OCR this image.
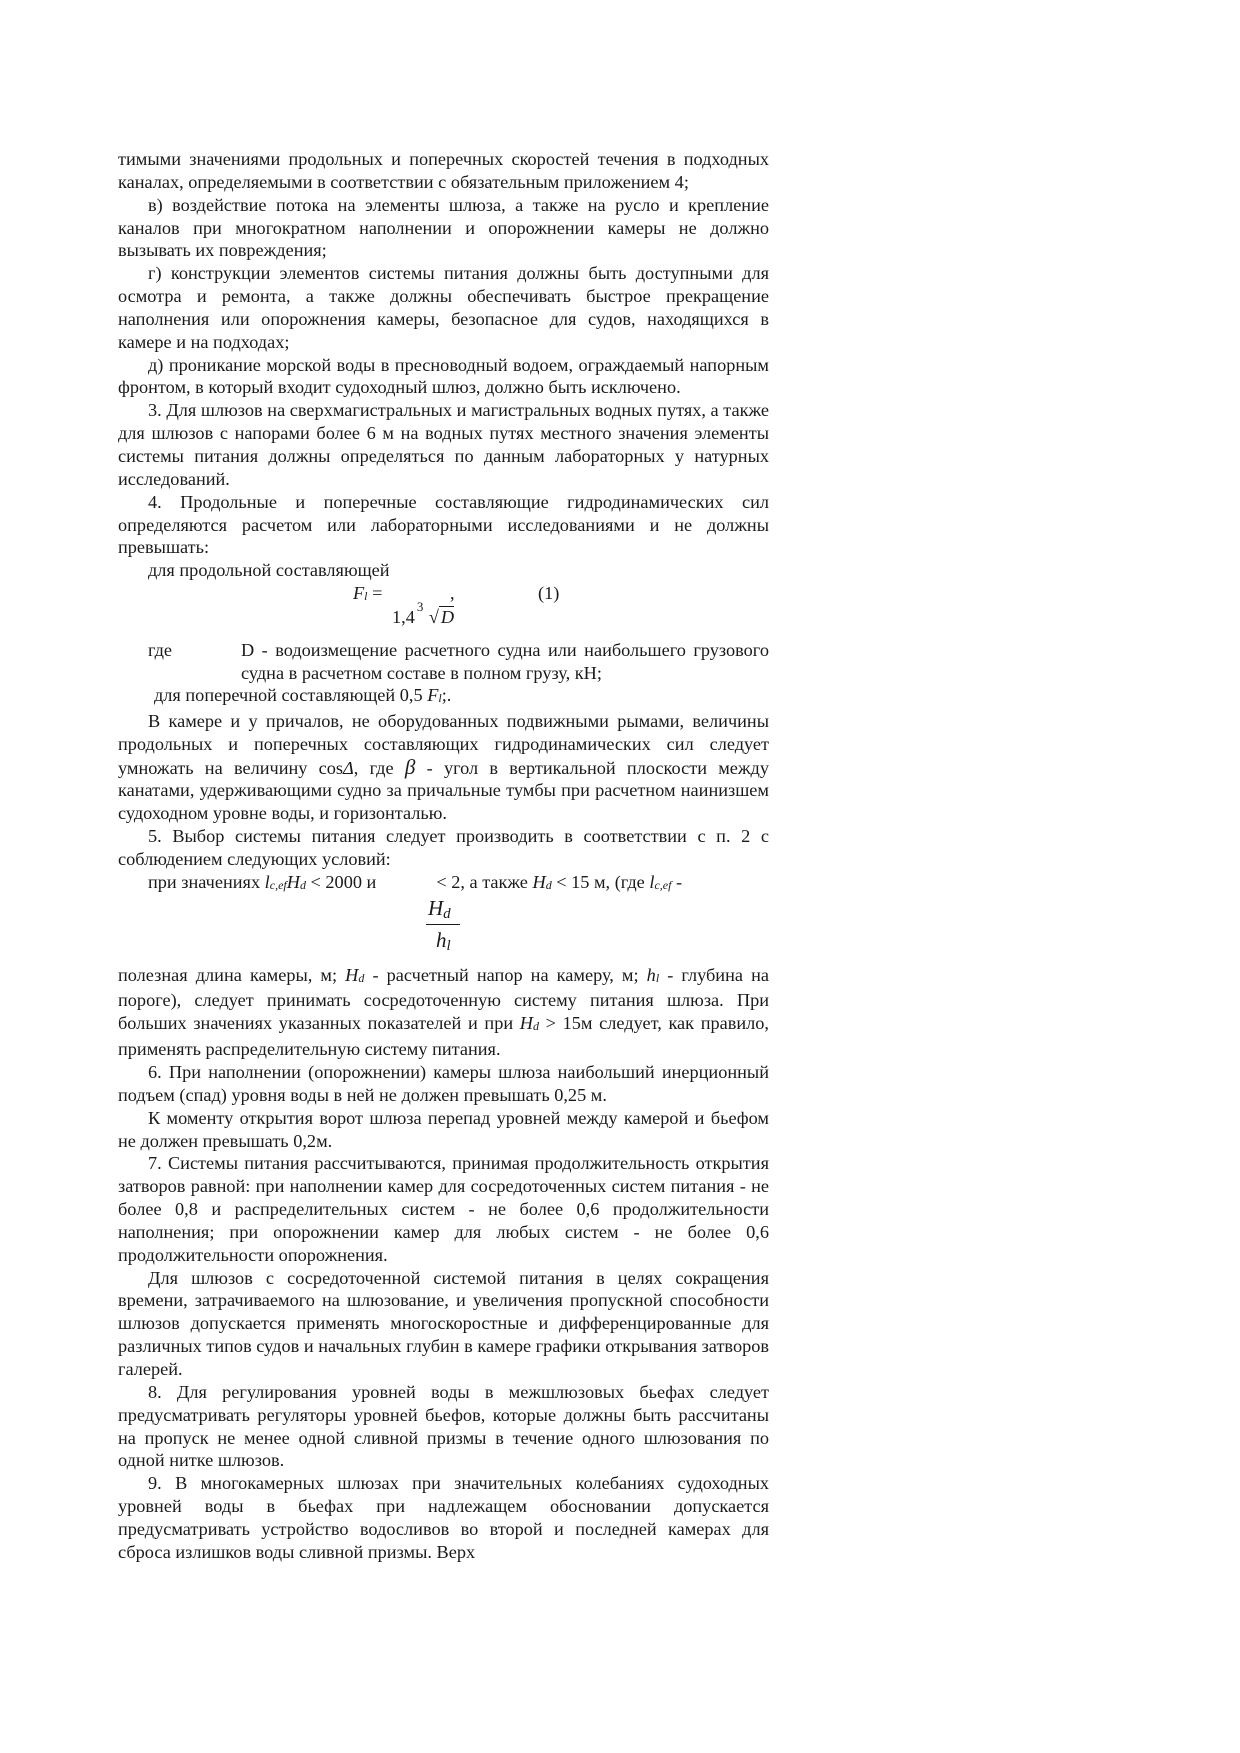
тимыми значениями продольных и поперечных скоростей течения в подходных каналах, определяемыми в соответствии с обязательным приложением 4;

в) воздействие потока на элементы шлюза, а также на русло и крепление каналов при многократном наполнении и опорожнении камеры не должно вызывать их повреждения;

г) конструкции элементов системы питания должны быть доступными для осмотра и ремонта, а также должны обеспечивать быстрое прекращение наполнения или опорожнения камеры, безопасное для судов, находящихся в камере и на подходах;

д) проникание морской воды в пресноводный водоем, ограждаемый напорным фронтом, в который входит судоходный шлюз, должно быть исключено.

3. Для шлюзов на сверхмагистральных и магистральных водных путях, а также для шлюзов с напорами более 6 м на водных путях местного значения элементы системы питания должны определяться по данным лабораторных у натурных исследований.

4. Продольные и поперечные составляющие гидродинамических сил определяются расчетом или лабораторными исследованиями и не должны превышать:

для продольной составляющей

Fl =	,	(1)
1,4
3
√ D
где	D - водоизмещение расчетного судна или наибольшего грузового судна в расчетном составе в полном грузу, кН;

для поперечной составляющей 0,5 Fl;.

В камере и у причалов, не оборудованных подвижными рымами, величины продольных и поперечных составляющих гидродинамических сил следует умножать на величину cosΔ, где β - угол в вертикальной плоскости между канатами, удерживающими судно за причальные тумбы при расчетном наинизшем судоходном уровне воды, и горизонталью.

5. Выбор системы питания следует производить в соответствии с п. 2 с соблюдением следующих условий:

при значениях lc,efHd < 2000 и	< 2, а также Hd < 15 м, (где lc,ef -

Hd
hl

полезная длина камеры, м; Hd - расчетный напор на камеру, м; hl - глубина на пороге), следует принимать сосредоточенную систему питания шлюза. При больших значениях указанных показателей и при Hd > 15м следует, как правило, применять распределительную систему питания.

6. При наполнении (опорожнении) камеры шлюза наибольший инерционный подъем (спад) уровня воды в ней не должен превышать 0,25 м.

К моменту открытия ворот шлюза перепад уровней между камерой и бьефом не должен превышать 0,2м.

7. Системы питания рассчитываются, принимая продолжительность открытия затворов равной: при наполнении камер для сосредоточенных систем питания - не более 0,8 и распределительных систем - не более 0,6 продолжительности наполнения; при опорожнении камер для любых систем - не более 0,6 продолжительности опорожнения.

Для шлюзов с сосредоточенной системой питания в целях сокращения времени, затрачиваемого на шлюзование, и увеличения пропускной способности шлюзов допускается применять многоскоростные и дифференцированные для различных типов судов и начальных глубин в камере графики открывания затворов галерей.

8. Для регулирования уровней воды в межшлюзовых бьефах следует предусматривать регуляторы уровней бьефов, которые должны быть рассчитаны на пропуск не менее одной сливной призмы в течение одного шлюзования по одной нитке шлюзов.

9. В многокамерных шлюзах при значительных колебаниях судоходных уровней воды в бьефах при надлежащем обосновании допускается предусматривать устройство водосливов во второй и последней камерах для сброса излишков воды сливной призмы. Верх
